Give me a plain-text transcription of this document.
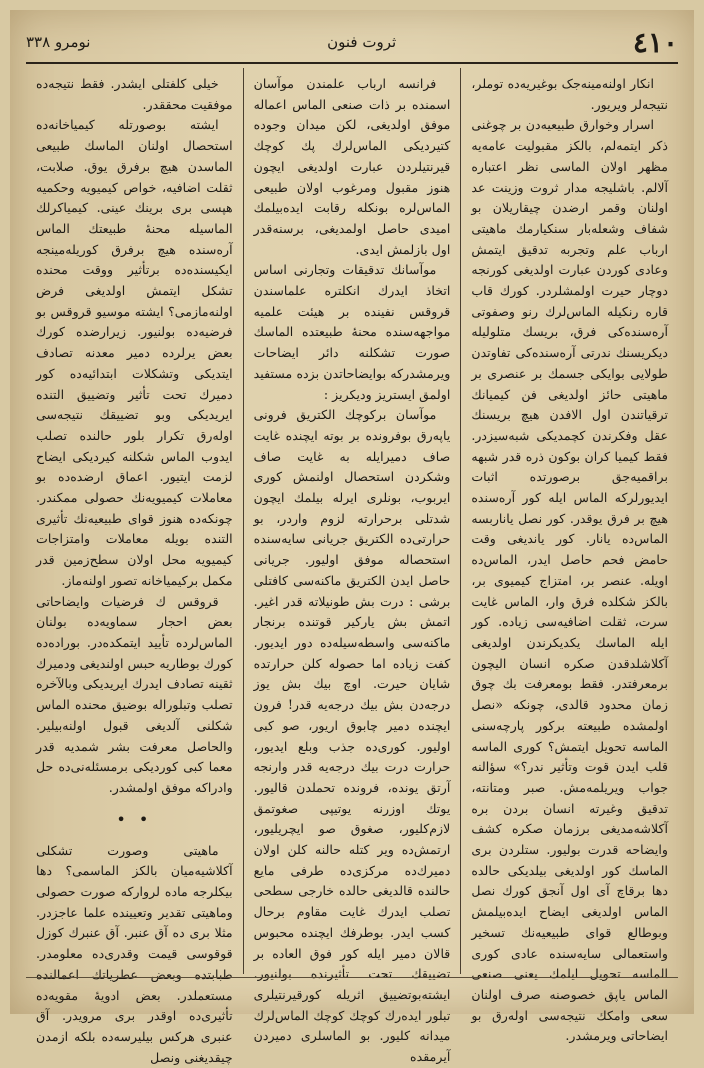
٤١٠
ثروت فنون
نومرو ٣٣٨

انکار اولنه‌مینه‌جک بوغیریه‌ده توملر، نتیجه‌لر ویریور.

اسرار وخوارق طبیعیه‌دن بر چوغنی ذکر ایتمه‌لم، بالکز مقبولیت عامه‌یه مظهر اولان الماسی نظر اعتباره آلالم. باشلیجه مدار ثروت وزینت عد اولنان وقمر ارضدن چیقاریلان بو شفاف وشعله‌بار سنکیارمك ماهیتی ارباب علم وتجربه تدقیق ایتمش وعادی کوردن عبارت اولدیغی کورنجه دوچار حیرت اولمشلردر. کورك قاب قاره رنکیله الماس‌لرك رنو وصفوتی آره‌سنده‌کی فرق، بریسك متلولیله دیکریسنك ندرتی آره‌سنده‌کی تفاوتدن طولایی بوایکی جسمك بر عنصری بر ماهیتی حائز اولدیغی فن کیمیانك ترقیاتندن اول الافدن هیچ بریسنك عقل وفکرندن کچمدیکی شبه‌سیزدر. فقط کیمیا کران بوکون ذره قدر شبهه براقمیه‌جق برصورتده اثبات ایدیورلرکه الماس ایله کور آره‌سنده هیچ بر فرق یوقدر. کور نصل یاناربسه الماس‌ده یانار. کور یاندیغی وقت حامض فحم حاصل ایدر، الماس‌ده اویله. عنصر بر، امتزاج کیمیوی بر، بالکز شکلده فرق وار، الماس غایت سرت، ثقلت اضافیه‌سی زیاده. کور ایله الماسك یکدیکرندن اولدیغی آکلاشلدقدن صکره انسان الیچون برمعرفتدر. فقط بومعرفت بك چوق زمان محدود قالدی، چونکه «نصل اولمشده طبیعته برکور پارچه‌سنی الماسه تحویل ایتمش؟ کوری الماسه قلب ایدن قوت وتأثیر ندر؟» سؤالنه جواب ویریلمه‌مش. صبر ومتانته، تدقیق وغیرته انسان بردن بره آکلاشه‌مدیغی برزمان صکره کشف وایضاحه قدرت بولیور. ستلردن بری الماسك کور اولدیغی بیلدیکی حالده دها برقاچ آی اول آنجق کورك نصل الماس اولدیغی ایضاح ایده‌بیلمش وبوطالع قوای طبیعیه‌نك تسخیر واستعمالی سایه‌سنده عادی کوری الماسه تحویل ایلمك یعنی صنعی الماس یاپق خصوصنه صرف اولنان سعی وامکك نتیجه‌سی اوله‌رق بو ایضاحاتی ویرمشدر.

فرانسه ارباب علمندن موآسان اسمنده بر ذات صنعی الماس اعماله موفق اولدیغی، لکن میدان وجوده کتیردیکی الماس‌لرك پك کوچك قیرنتیلردن عبارت اولدیغی ایچون هنوز مقبول ومرغوب اولان طبیعی الماس‌لره بونکله رقابت ایده‌بیلمك امیدی حاصل اولمدیغی، برسنه‌قدر اول بازلمش ایدی.

موآسانك تدقیقات وتجارنی اساس اتخاذ ایدرك انکلتره علماسندن قروقس نفینده بر هیئت علمیه مواجهه‌سنده محنه‌ٔ طبیعتده الماسك صورت تشکلنه دائر ایضاحات ویرمشدرکه بوایضاحاتدن بزده مستفید اولمق ایستریز ودیکریز :

موآسان برکوچك الکتریق فرونی یاپه‌رق بوفرونده بر بوته ایچنده غایت صاف دمیرایله به غایت صاف وشکردن استحصال اولنمش کوری ایربوب، بونلری ایرله بیلمك ایچون شدتلی برحرارته لزوم واردر، بو حرارتی‌ده الکتریق جریانی سایه‌سنده استحصاله موفق اولیور. جریانی حاصل ایدن الکتریق ماکنه‌سی کافتلی برشی : درت بش طونیلاته قدر اغیر. اتمش بش یارکیر قوتنده برنجار ماکنه‌سی واسطه‌سیله‌ده دور ایدیور. کفت زیاده اما حصوله کلن حرارتده شایان حیرت. اوچ بیك بش یوز درجه‌دن بش بیك درجه‌یه قدر! فرون ایچنده دمیر چابوق اریور، صو کبی اولیور. کوری‌ده جذب وبلع ایدیور، حرارت درت بیك درجه‌یه قدر وارنجه آرتق یونده، فرونده تحملدن قالیور. یوتك اوزرنه یوتیپی صغوتمق لازم‌کلیور، صغوق صو ایچریلیور، ارتمش‌ده ویر کتله حالنه کلن اولان دمیرك‌ده مرکزی‌ده طرفی مایع حالنده قالدیغی حالده خارجی سطحی تصلب ایدرك غایت مقاوم برحال کسب ایدر. بوطرفك ایچنده محبوس قالان دمیر ایله کور فوق العاده بر تضییقك تحت تأثیرنده بولنیور. ایشته‌بوتضییق اثریله کورقیرنتیلری تبلور ایده‌رك کوچك کوچك الماس‌لرك میدانه کلیور. بو الماسلری دمیردن آیرمقده

خیلی کلفتلی ایشدر. فقط نتیجه‌ده موفقیت محققدر.

ایشته بوصورتله کیمیاخانه‌ده استحصال اولنان الماسك طبیعی الماسدن هیچ برفرق یوق. صلابت، ثقلت اضافیه، خواص کیمیویه وحکمیه هپسی بری برینك عینی. کیمیاکرلك الماسیله محنه‌ٔ طبیعتك الماس آره‌سنده هیچ برفرق کوریله‌مینجه ایکیسنده‌ده برتأثیر ووقت محنده تشکل ایتمش اولدیغی فرض اولنه‌مازمی؟ ایشته موسیو قروقس بو فرضیه‌ده بولنیور. زیرارضده کورك بعض یرلرده دمیر معدنه تصادف ایتدیکی وتشکلات ابتدائیه‌ده کور دمیرك تحت تأثیر وتضییق التنده ایریدیکی وبو تضییقك نتیجه‌سی اوله‌رق تکرار بلور حالنده تصلب ایدوب الماس شکلنه کیردیکی ایضاح لزمت ایتیور. اعماق ارضده‌ده بو معاملات کیمیویه‌نك حصولی ممکندر. چونکه‌ده هنوز قوای طبیعیه‌نك تأثیری التنده بویله معاملات وامتزاجات کیمیویه محل اولان سطح‌زمین قدر مکمل برکیمیاخانه تصور اولنه‌ماز.

قروقس ك فرضیات وایضاحاتی بعض احجار سماویه‌ده بولنان الماس‌لرده تأیید ایتمکده‌در. بوراده‌ده کورك بوطاریه حبس اولندیغی ودمیرك ثقینه تصادف ایدرك ایریدیکی وبالآخره تصلب وتبلوراله بوضیق محنده الماس شکلنی آلدیغی قبول اولنه‌بیلیر. والحاصل معرفت بشر شمدیه قدر معما کبی کوردیکی برمسئله‌نی‌ده حل وادراکه موفق اولمشدر.

• •

ماهیتی وصورت تشکلی آکلاشیه‌میان بالکز الماسمی؟ دها بیکلرجه ماده لروارکه صورت حصولی وماهیتی تقدیر وتعیینده علما عاجزدر. مثلا بری ده آق عنبر. آق عنبرك کوزل قوقوسی قیمت وقدری‌ده معلومدر. طبابتده وبعض عطریاتك اعمالنده مستعملدر. بعض ادویه‌ٔ مقویه‌ده تأثیری‌ده اوقدر بری مرویدر. آق عنبری هرکس بیلیرسه‌ده بلکه ازمدن چیقدیغنی ونصل
